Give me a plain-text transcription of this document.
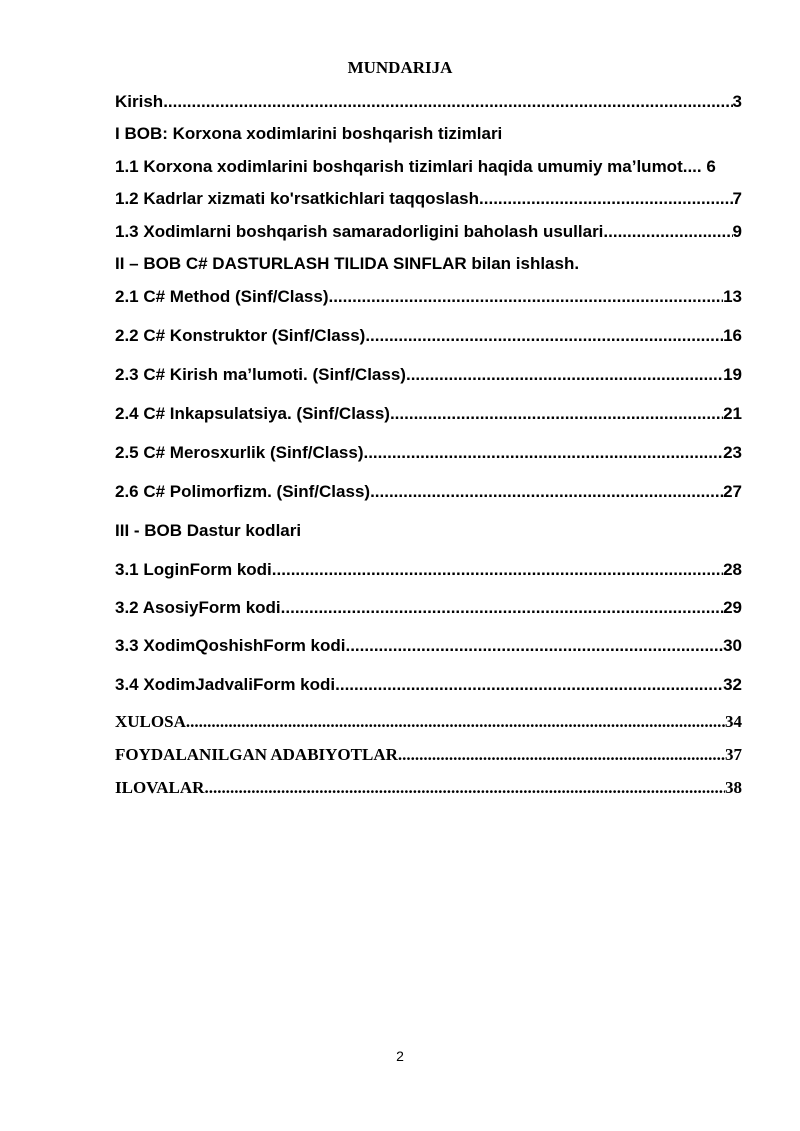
MUNDARIJA
Kirish .....	3
I BOB: Korxona xodimlarini boshqarish tizimlari
1.1 Korxona xodimlarini boshqarish tizimlari haqida umumiy ma’lumot.. .. 6
1.2 Kadrlar xizmati ko'rsatkichlari taqqoslash... .....	7
1.3 Xodimlarni boshqarish samaradorligini baholash usullari. .....	9
II – BOB C# DASTURLASH TILIDA SINFLAR bilan ishlash.
2.1 C# Method (Sinf/Class) .....	13
2.2 C# Konstruktor (Sinf/Class) .....	16
2.3 C# Kirish ma’lumoti. (Sinf/Class) .....	19
2.4 C# Inkapsulatsiya. (Sinf/Class) .....	21
2.5 C# Merosxurlik (Sinf/Class) .....	23
2.6 C# Polimorfizm. (Sinf/Class) .....	27
III - BOB Dastur kodlari
3.1 LoginForm kodi .....	28
3.2 AsosiyForm kodi .....	29
3.3 XodimQoshishForm kodi .....	30
3.4 XodimJadvaliForm kodi .....	32
XULOSA .....	34
FOYDALANILGAN ADABIYOTLAR .....	37
ILOVALAR .....	38
2
